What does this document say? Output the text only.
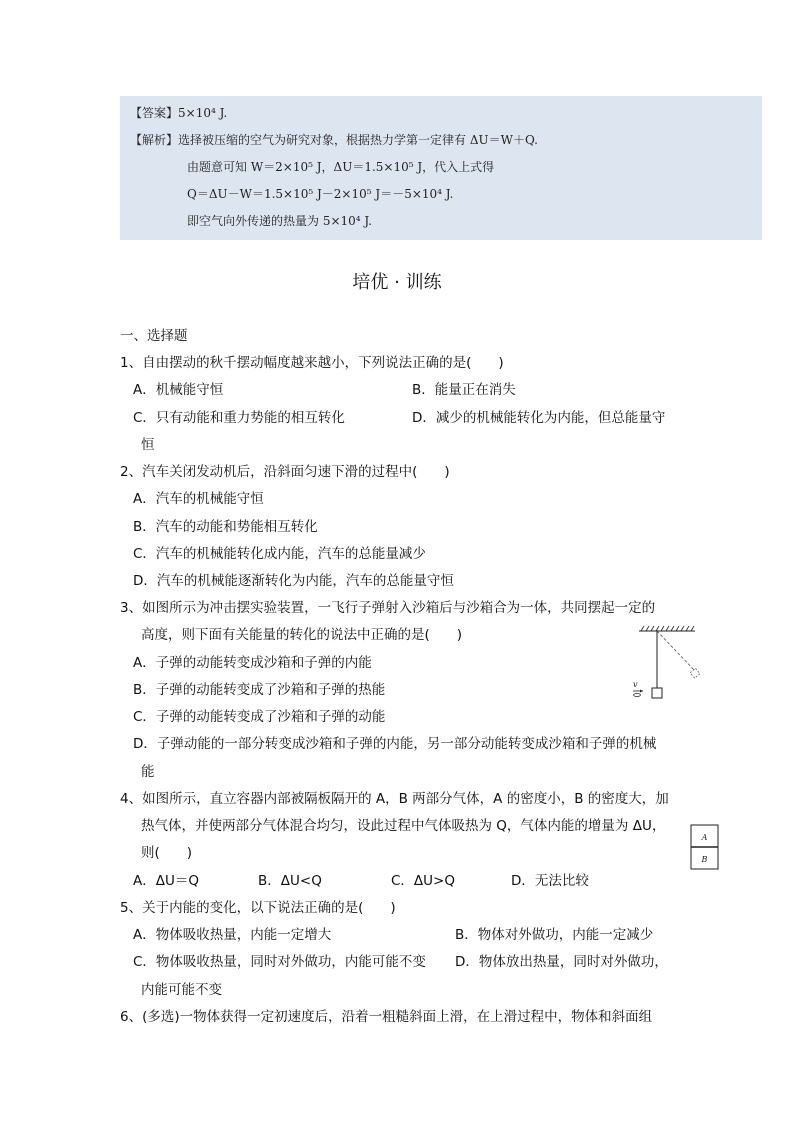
【答案】5×10⁴ J.
【解析】选择被压缩的空气为研究对象，根据热力学第一定律有 ΔU＝W＋Q.
由题意可知 W＝2×10⁵ J，ΔU＝1.5×10⁵ J，代入上式得
Q＝ΔU－W＝1.5×10⁵ J－2×10⁵ J＝－5×10⁴ J.
即空气向外传递的热量为 5×10⁴ J.
培优 · 训练
一、选择题
1、自由摆动的秋千摆动幅度越来越小，下列说法正确的是(　　)
A．机械能守恒	B．能量正在消失
C．只有动能和重力势能的相互转化	D．减少的机械能转化为内能，但总能量守
恒
2、汽车关闭发动机后，沿斜面匀速下滑的过程中(　　)
A．汽车的机械能守恒
B．汽车的动能和势能相互转化
C．汽车的机械能转化成内能，汽车的总能量减少
D．汽车的机械能逐渐转化为内能，汽车的总能量守恒
3、如图所示为冲击摆实验装置，一飞行子弹射入沙箱后与沙箱合为一体，共同摆起一定的
高度，则下面有关能量的转化的说法中正确的是(　　)
A．子弹的动能转变成沙箱和子弹的内能
B．子弹的动能转变成了沙箱和子弹的热能
C．子弹的动能转变成了沙箱和子弹的动能
D．子弹动能的一部分转变成沙箱和子弹的内能，另一部分动能转变成沙箱和子弹的机械
能
v
4、如图所示，直立容器内部被隔板隔开的 A，B 两部分气体，A 的密度小，B 的密度大，加
热气体，并使两部分气体混合均匀，设此过程中气体吸热为 Q，气体内能的增量为 ΔU，
则(　　)
A．ΔU＝Q	B．ΔU<Q	C．ΔU>Q	D．无法比较
A
B
5、关于内能的变化，以下说法正确的是(　　)
A．物体吸收热量，内能一定增大	B．物体对外做功，内能一定减少
C．物体吸收热量，同时对外做功，内能可能不变 D．物体放出热量，同时对外做功，
内能可能不变
6、(多选)一物体获得一定初速度后，沿着一粗糙斜面上滑，在上滑过程中，物体和斜面组
